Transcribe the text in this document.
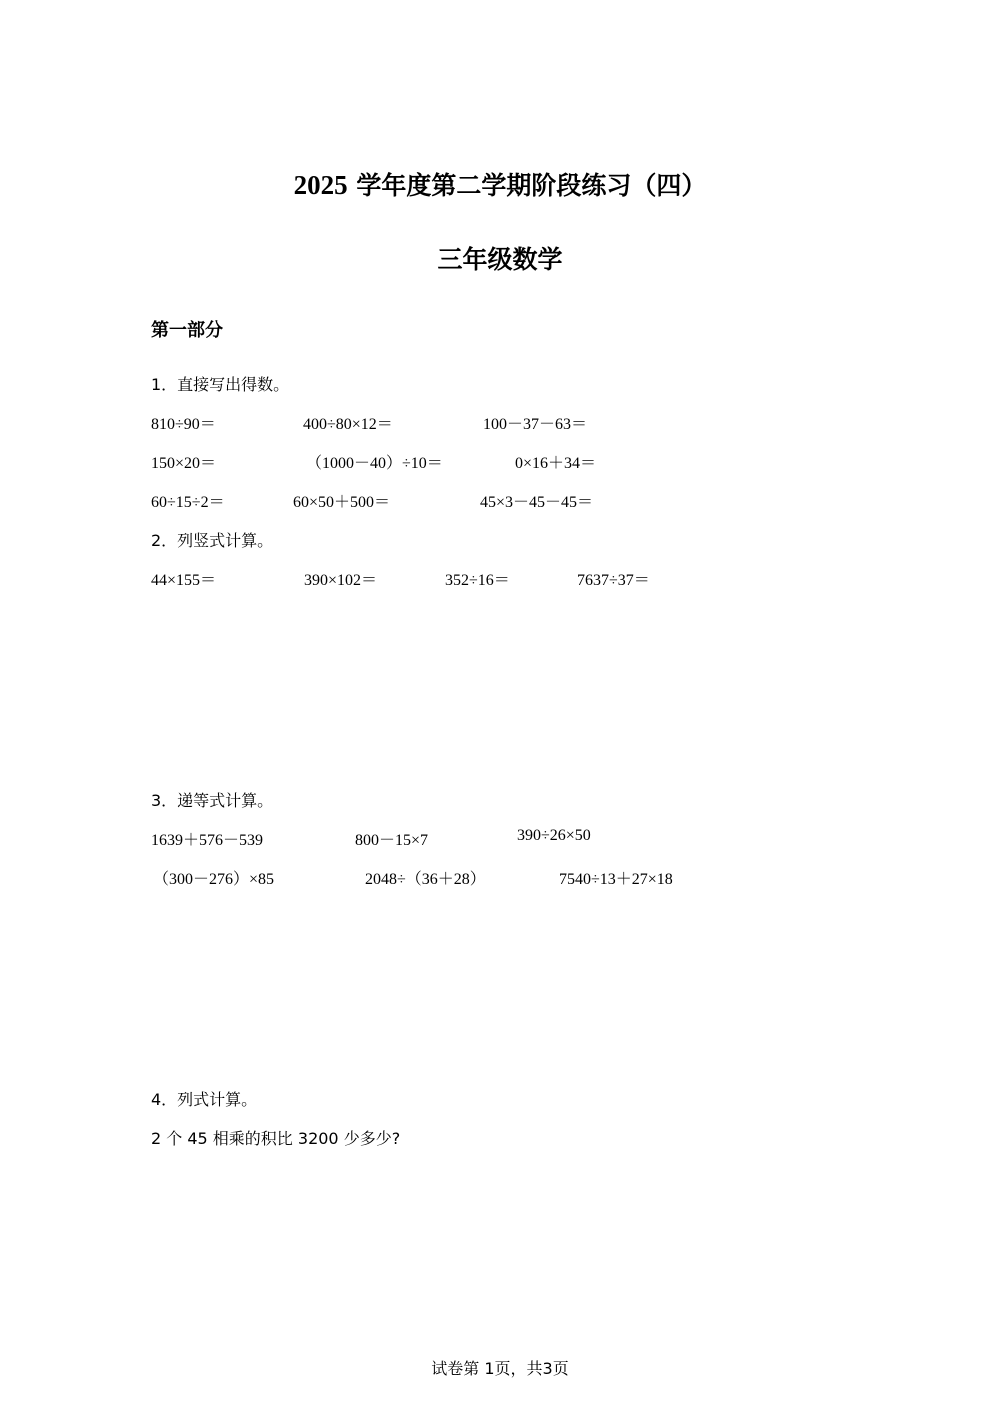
2025 学年度第二学期阶段练习（四）
三年级数学
第一部分
1．直接写出得数。
810÷90＝	400÷80×12＝	100－37－63＝
150×20＝	（1000－40）÷10＝	0×16＋34＝
60÷15÷2＝	60×50＋500＝	45×3－45－45＝
2．列竖式计算。
44×155＝	390×102＝	352÷16＝	7637÷37＝
3．递等式计算。
1639＋576－539	800－15×7	390÷26×50
（300－276）×85	2048÷（36＋28）	7540÷13＋27×18
4．列式计算。
2 个 45 相乘的积比 3200 少多少?
试卷第 1页，共3页
